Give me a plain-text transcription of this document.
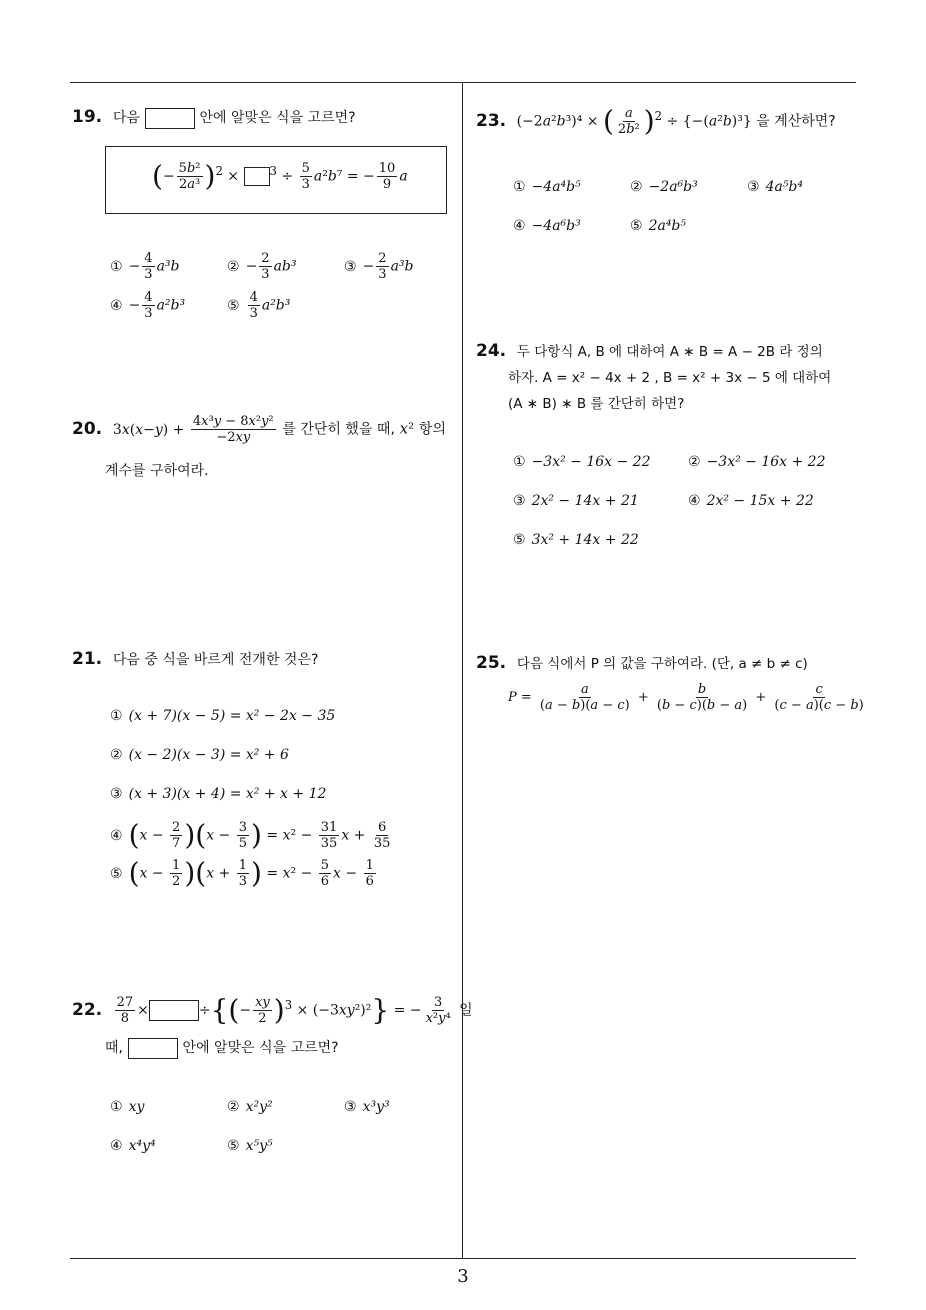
19. 다음	안에 알맞은 식을 고르면?
(− $\frac{\text{5b²}}{\text{2a³}} )^2 \times ^3 \div \frac{5}{3} a^2b^7$ = − $\frac{10}{9}$ a
① − $\frac{4}{3} a^3b$	② − $\frac{2}{3} ab^3$	③ − $\frac{2}{3} a^3b$
④ − $\frac{4}{3} a^2b^3$	⑤ $\frac{4}{3} a^2b^3$
20. $3x(x-y) + \frac{\text{4x³y − 8x²y²}}{-2xy}$ 를 간단히 했을 때, x² 항의
계수를 구하여라.
21. 다음 중 식을 바르게 전개한 것은?
① (x + 7)(x − 5) = x² − 2x − 35
② (x − 2)(x − 3) = x² + 6
③ (x + 3)(x + 4) = x² + x + 12
④ $(x - \frac{2}{7} )(x - \frac{3}{5}$ ) = $x^2 - \frac{31}{35}$ $x + \frac{6}{35}$
⑤ $(x - \frac{1}{2} )(x + \frac{1}{3}$ ) = $x^2 - \frac{5}{6}$ $x - \frac{1}{6}$
22. $\frac{27}{8}$ ×	÷{(− $\frac{xy}{2} )^3 \times (-3xy^2)^2$} = − $\frac{3}{\text{x²y⁴}}$ 일
때,	안에 알맞은 식을 고르면?
① xy	② x²y²	③ x³y³
④ x⁴y⁴	⑤ x⁵y⁵
23. (−2a²b³)⁴ × ( $\frac{a}{\text{2b²}} )^2 \div \{-(a^2b)^3\}$ 을 계산하면?
① −4a⁴b⁵	② −2a⁶b³	③ 4a⁵b⁴
④ −4a⁶b³	⑤ 2a⁴b⁵
24. 두 다항식 A, B 에 대하여 A ∗ B = A − 2B 라 정의
하자. A = x² − 4x + 2 , B = x² + 3x − 5 에 대하여
(A ∗ B) ∗ B 를 간단히 하면?
① −3x² − 16x − 22	② −3x² − 16x + 22
③ 2x² − 14x + 21	④ 2x² − 15x + 22
⑤ 3x² + 14x + 22
25. 다음 식에서 P 의 값을 구하여라. (단, a ≠ b ≠ c)
$P = \frac{a}{(a - b)(a - c)} + \frac{b}{(b - c)(b - a)} + \frac{c}{(c - a)(c - b)}$
3
